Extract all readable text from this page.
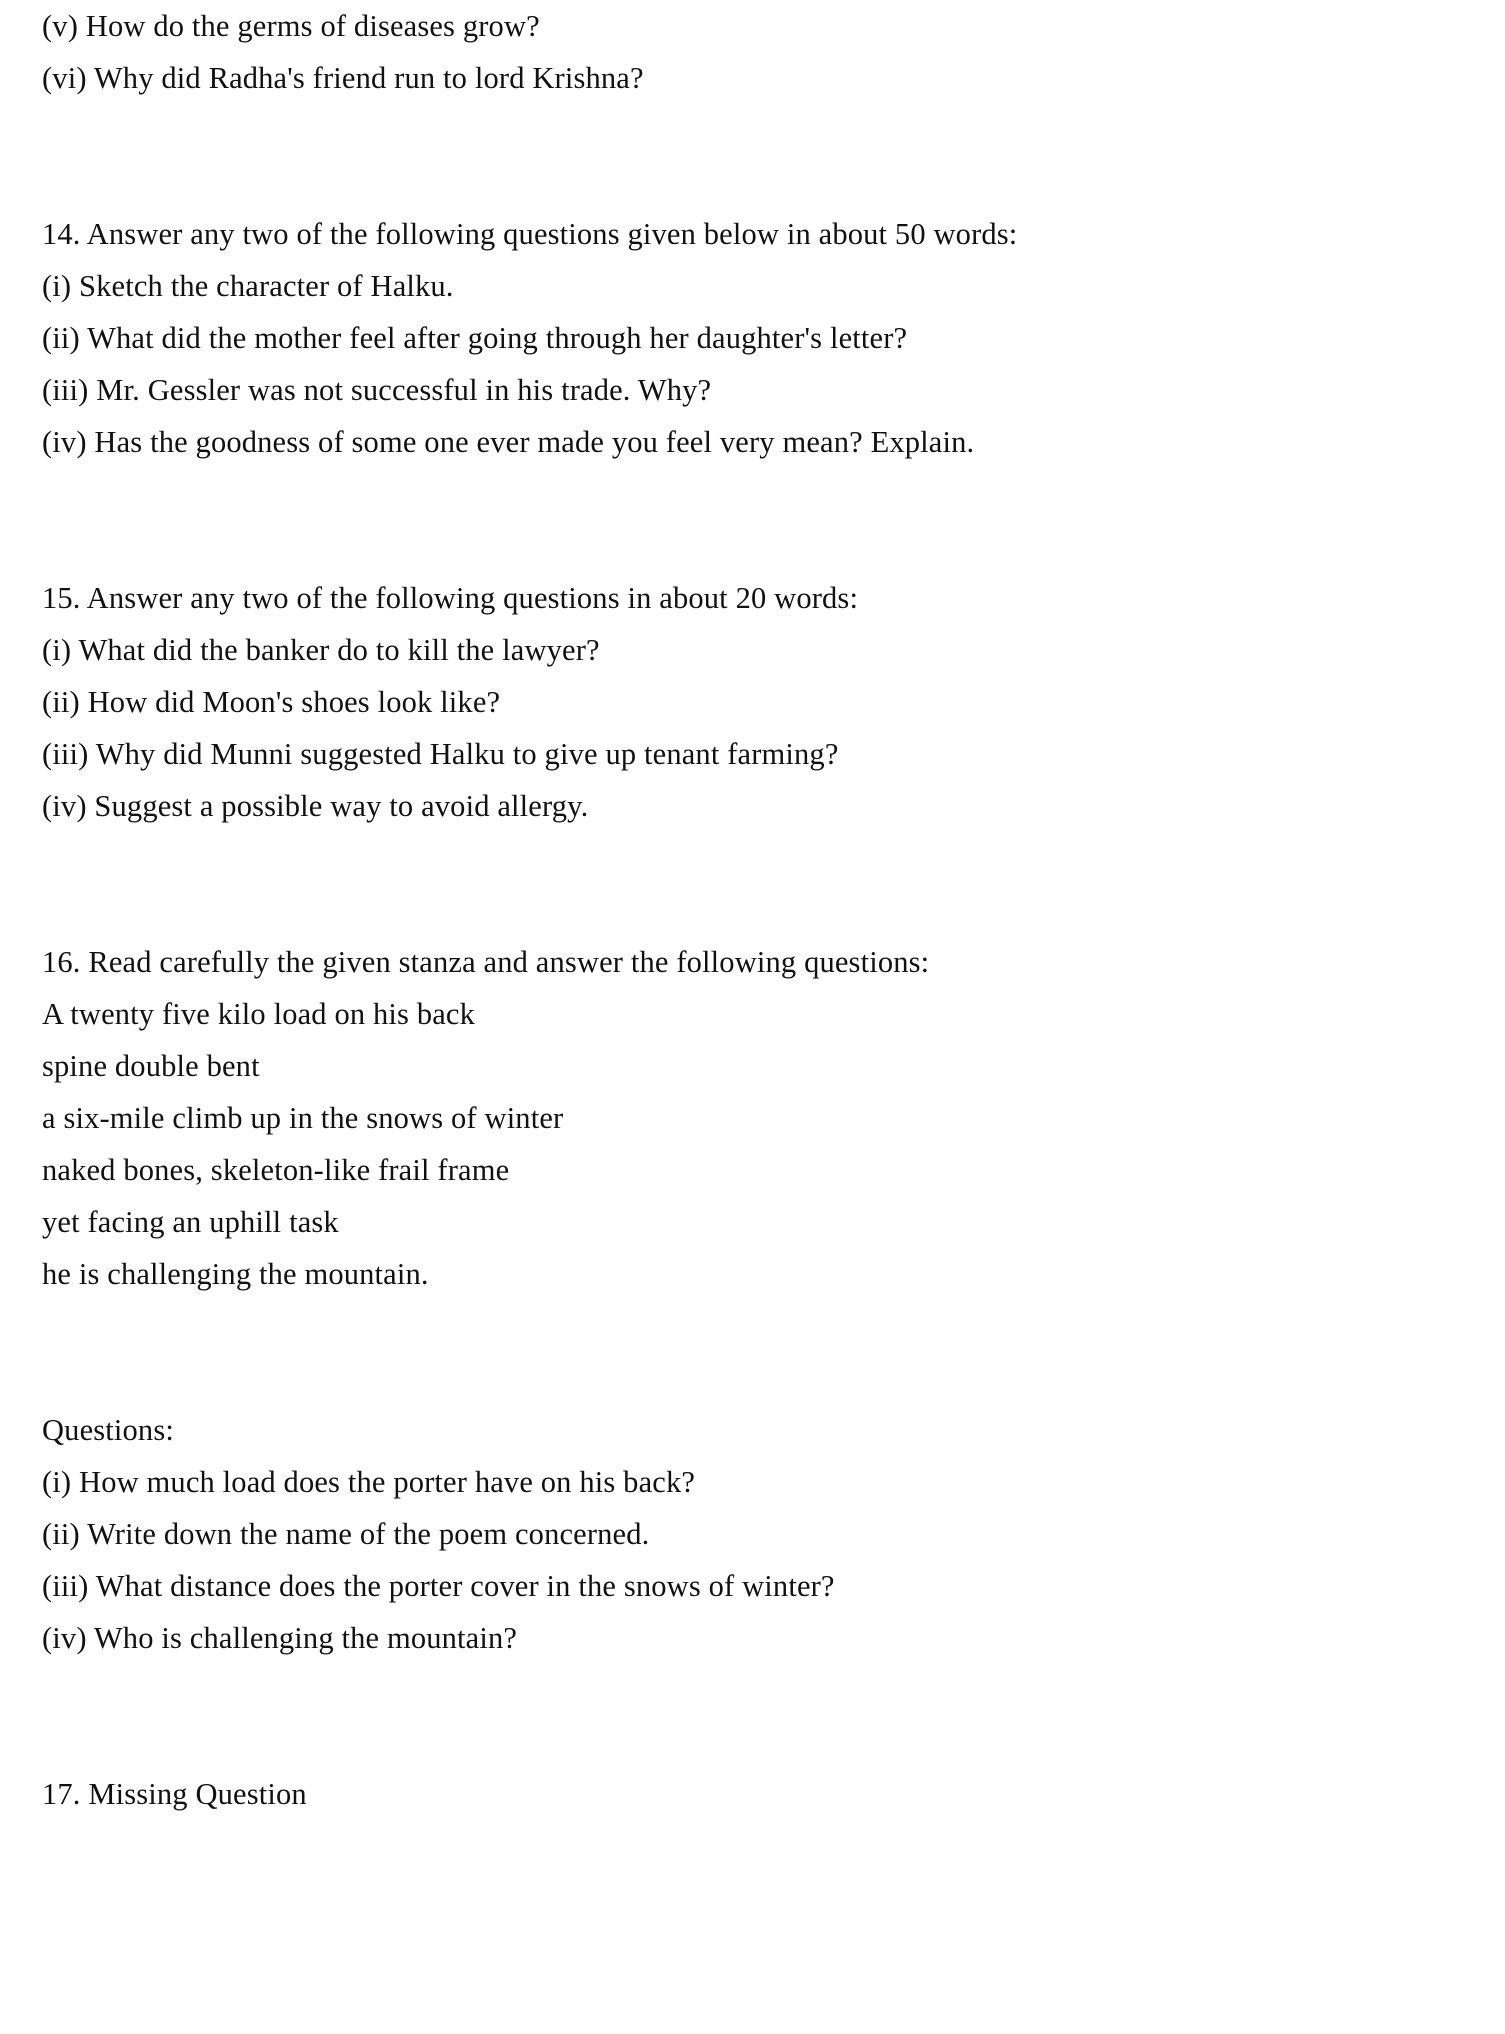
(v) How do the germs of diseases grow?
(vi) Why did Radha's friend run to lord Krishna?
14. Answer any two of the following questions given below in about 50 words:
(i) Sketch the character of Halku.
(ii) What did the mother feel after going through her daughter's letter?
(iii) Mr. Gessler was not successful in his trade. Why?
(iv) Has the goodness of some one ever made you feel very mean? Explain.
15. Answer any two of the following questions in about 20 words:
(i) What did the banker do to kill the lawyer?
(ii) How did Moon's shoes look like?
(iii) Why did Munni suggested Halku to give up tenant farming?
(iv) Suggest a possible way to avoid allergy.
16. Read carefully the given stanza and answer the following questions:
A twenty five kilo load on his back
spine double bent
a six-mile climb up in the snows of winter
naked bones, skeleton-like frail frame
yet facing an uphill task
he is challenging the mountain.
Questions:
(i) How much load does the porter have on his back?
(ii) Write down the name of the poem concerned.
(iii) What distance does the porter cover in the snows of winter?
(iv) Who is challenging the mountain?
17. Missing Question
